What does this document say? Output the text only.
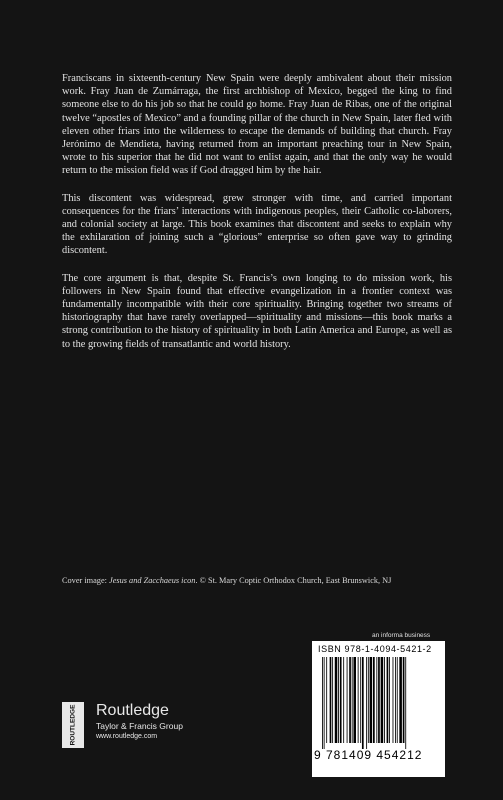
Franciscans in sixteenth-century New Spain were deeply ambivalent about their mission work. Fray Juan de Zumárraga, the first archbishop of Mexico, begged the king to find someone else to do his job so that he could go home. Fray Juan de Ribas, one of the original twelve “apostles of Mexico” and a founding pillar of the church in New Spain, later fled with eleven other friars into the wilderness to escape the demands of building that church. Fray Jerónimo de Mendieta, having returned from an important preaching tour in New Spain, wrote to his superior that he did not want to enlist again, and that the only way he would return to the mission field was if God dragged him by the hair.

This discontent was widespread, grew stronger with time, and carried important consequences for the friars’ interactions with indigenous peoples, their Catholic co-laborers, and colonial society at large. This book examines that discontent and seeks to explain why the exhilaration of joining such a “glorious” enterprise so often gave way to grinding discontent.

The core argument is that, despite St. Francis’s own longing to do mission work, his followers in New Spain found that effective evangelization in a frontier context was fundamentally incompatible with their core spirituality. Bringing together two streams of historiography that have rarely overlapped—spirituality and missions—this book marks a strong contribution to the history of spirituality in both Latin America and Europe, as well as to the growing fields of transatlantic and world history.

Cover image: Jesus and Zacchaeus icon. © St. Mary Coptic Orthodox Church, East Brunswick, NJ
an informa business
ISBN 978-1-4094-5421-2
9 781409 454212
ROUTLEDGE Routledge
Taylor & Francis Group
www.routledge.com
